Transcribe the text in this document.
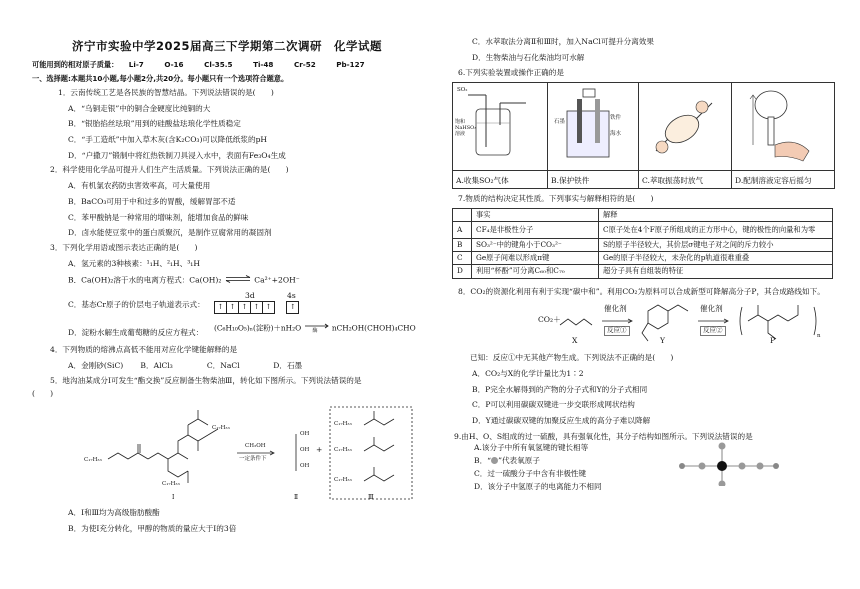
济宁市实验中学2025届高三下学期第二次调研　化学试题
可能用到的相对原子质量： Li-7	O-16	Cl-35.5	Ti-48	Cr-52	Pb-127
一、选择题:本题共10小题,每小题2分,共20分。每小题只有一个选项符合题意。
1．云南传统工艺是各民族的智慧结晶。下列说法错误的是(　　)
A．“乌铜走银”中的铜合金硬度比纯铜的大
B．“银胎掐丝珐琅”用到的硅酸盐珐琅化学性质稳定
C．“手工造纸”中加入草木灰(含K₂CO₃)可以降低纸浆的pH
D．“户撒刀”锻制中将红热铁制刀具浸入水中，表面有Fe₃O₄生成
2．科学使用化学品可提升人们生产生活质量。下列说法正确的是(　　)
A．有机氯农药防虫害效率高，可大量使用
B．BaCO₃可用于中和过多的胃酸，缓解胃部不适
C．苯甲酸钠是一种常用的增味剂，能增加食品的鲜味
D．卤水能使豆浆中的蛋白质聚沉，是制作豆腐常用的凝固剂
3．下列化学用语或图示表达正确的是(　　)
A．氢元素的3种核素：¹₁H、²₁H、³₁H
B．Ca(OH)₂溶于水的电离方程式：Ca(OH)₂ ⇌ Ca²⁺+2OH⁻
C．基态Cr原子的价层电子轨道表示式：
3d	4s
↑ ↑ ↑ ↑ ↑	↑
D．淀粉水解生成葡萄糖的反应方程式：
(C₆H₁₀O₅)ₙ(淀粉)＋nH₂O 酶 nCH₂OH(CHOH)₄CHO
4．下列物质的熔沸点高低不能用对应化学键能解释的是
A．金刚砂(SiC) B．AlCl₃	C．NaCl	D．石墨
5．地沟油某成分Ⅰ可发生“酯交换”反应制备生物柴油Ⅲ，转化如下图所示。下列说法错误的是
(　　)
C₁₇H₃₃
C₁₇H₃₃
C₁₇H₃₃
CH₃OH
一定条件下
OH
OH
OH
+
C₁₇H₃₃
C₁₇H₃₃
C₁₇H₃₃
Ⅰ	Ⅱ	Ⅲ
A．Ⅰ和Ⅲ均为高级脂肪酸酯
B．为使Ⅰ充分转化，甲醇的物质的量应大于Ⅰ的3倍
C．水萃取法分离Ⅱ和Ⅲ时，加入NaCl可提升分离效果
D．生物柴油与石化柴油均可水解
6.下列实验装置或操作正确的是
SO₂
饱和
NaHSO₃
溶液	石墨
铁件
海水

A.收集SO₂气体	B.保护铁件	C.萃取振荡时放气	D.配制溶液定容后摇匀
7.物质的结构决定其性质。下列事实与解释相符的是(　　)
	事实	解释
A	CF₄是非极性分子	C原子处在4个F原子所组成的正方形中心，键的极性的向量和为零
B	SO₃²⁻中的键角小于CO₃²⁻	S的原子半径较大，其价层σ键电子对之间的斥力较小
C	Ge原子间难以形成π键	Ge的原子半径较大，未杂化的p轨道很难重叠
D	利用“杯酚”可分离C₆₀和C₇₀	超分子具有自组装的特征
8．CO₂的资源化利用有利于实现“碳中和”。利用CO₂为原料可以合成新型可降解高分子P，其合成路线如下。
CO₂＋
催化剂
反应①
催化剂
反应②
n
X	Y	P
已知：反应①中无其他产物生成。下列说法不正确的是(　　)
A．CO₂与X的化学计量比为1∶2
B．P完全水解得到的产物的分子式和Y的分子式相同
C．P可以利用碳碳双键进一步交联形成网状结构
D．Y通过碳碳双键的加聚反应生成的高分子难以降解
9.由H、O、S组成的过一硫酸，具有强氧化性，其分子结构如图所示。下列说法错误的是
A.该分子中所有氧氢键的键长相等
B．“ ”代表氧原子
C．过一硫酸分子中含有非极性键
D．该分子中氢原子的电离能力不相同
